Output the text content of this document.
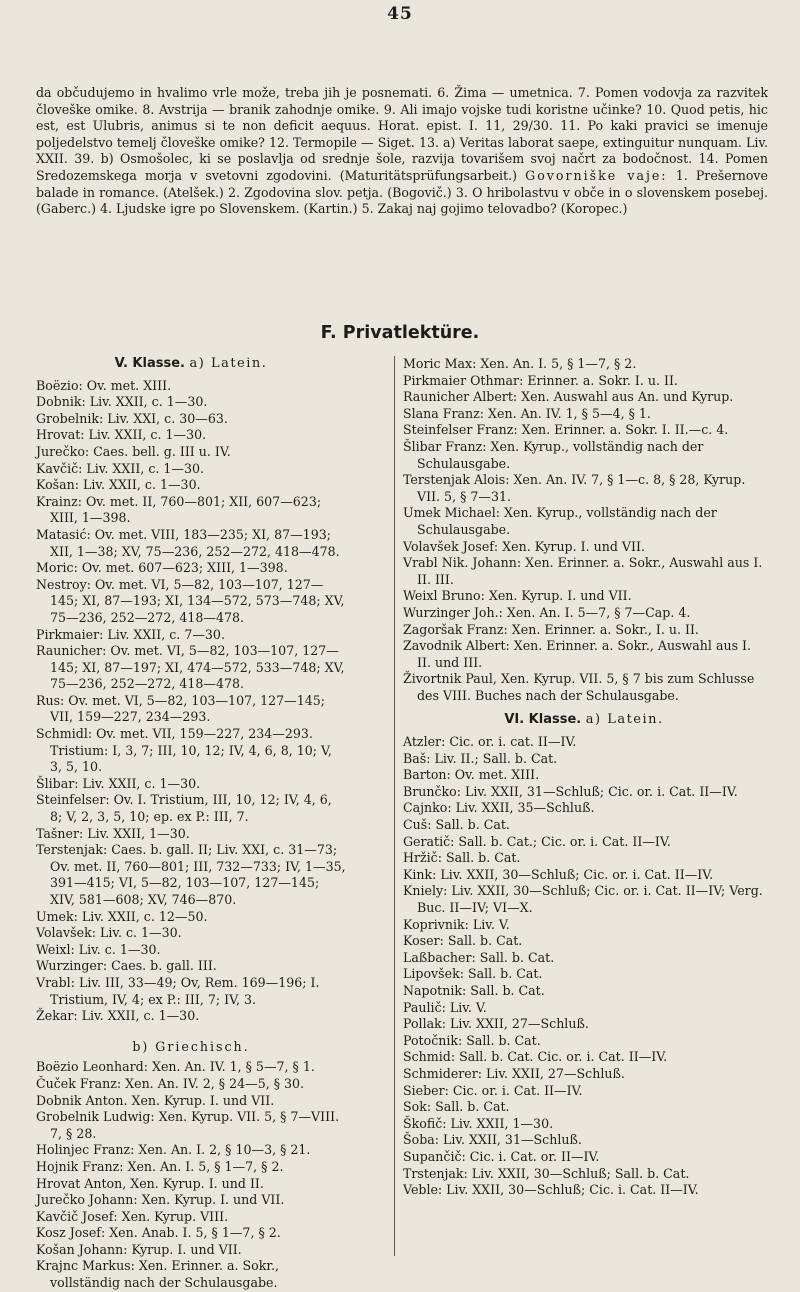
45

da občudujemo in hvalimo vrle može, treba jih je posnemati. 6. Žima — umetnica. 7. Pomen vodovja za razvitek človeške omike. 8. Avstrija — branik zahodnje omike. 9. Ali imajo vojske tudi koristne učinke? 10. Quod petis, hic est, est Ulubris, animus si te non deficit aequus. Horat. epist. I. 11, 29/30. 11. Po kaki pravici se imenuje poljedelstvo temelj človeške omike? 12. Termopile — Siget. 13. a) Veritas laborat saepe, extinguitur nunquam. Liv. XXII. 39. b) Osmošolec, ki se poslavlja od srednje šole, razvija tovarišem svoj načrt za bodočnost. 14. Pomen Sredozemskega morja v svetovni zgodovini. (Maturitätsprüfungsarbeit.) Govorniške vaje: 1. Prešernove balade in romance. (Atelšek.) 2. Zgodovina slov. petja. (Bogovič.) 3. O hribolastvu v obče in o slovenskem posebej. (Gaberc.) 4. Ljudske igre po Slovenskem. (Kartin.) 5. Zakaj naj gojimo telovadbo? (Koropec.)

F. Privatlektüre.
V. Klasse. a) Latein.

Boëzio: Ov. met. XIII.

Dobnik: Liv. XXII, c. 1—30.

Grobelnik: Liv. XXI, c. 30—63.

Hrovat: Liv. XXII, c. 1—30.

Jurečko: Caes. bell. g. III u. IV.

Kavčič: Liv. XXII, c. 1—30.

Košan: Liv. XXII, c. 1—30.

Krainz: Ov. met. II, 760—801; XII, 607—623; XIII, 1—398.

Matasić: Ov. met. VIII, 183—235; XI, 87—193; XII, 1—38; XV, 75—236, 252—272, 418—478.

Moric: Ov. met. 607—623; XIII, 1—398.

Nestroy: Ov. met. VI, 5—82, 103—107, 127—145; XI, 87—193; XI, 134—572, 573—748; XV, 75—236, 252—272, 418—478.

Pirkmaier: Liv. XXII, c. 7—30.

Raunicher: Ov. met. VI, 5—82, 103—107, 127—145; XI, 87—197; XI, 474—572, 533—748; XV, 75—236, 252—272, 418—478.

Rus: Ov. met. VI, 5—82, 103—107, 127—145; VII, 159—227, 234—293.

Schmidl: Ov. met. VII, 159—227, 234—293. Tristium: I, 3, 7; III, 10, 12; IV, 4, 6, 8, 10; V, 3, 5, 10.

Šlibar: Liv. XXII, c. 1—30.

Steinfelser: Ov. I. Tristium, III, 10, 12; IV, 4, 6, 8; V, 2, 3, 5, 10; ep. ex P.: III, 7.

Tašner: Liv. XXII, 1—30.

Terstenjak: Caes. b. gall. II; Liv. XXI, c. 31—73; Ov. met. II, 760—801; III, 732—733; IV, 1—35, 391—415; VI, 5—82, 103—107, 127—145; XIV, 581—608; XV, 746—870.

Umek: Liv. XXII, c. 12—50.

Volavšek: Liv. c. 1—30.

Weixl: Liv. c. 1—30.

Wurzinger: Caes. b. gall. III.

Vrabl: Liv. III, 33—49; Ov, Rem. 169—196; I. Tristium, IV, 4; ex P.: III, 7; IV, 3.

Žekar: Liv. XXII, c. 1—30.

b) Griechisch.

Boëzio Leonhard: Xen. An. IV. 1, § 5—7, § 1.

Čuček Franz: Xen. An. IV. 2, § 24—5, § 30.

Dobnik Anton. Xen. Kyrup. I. und VII.

Grobelnik Ludwig: Xen. Kyrup. VII. 5, § 7—VIII. 7, § 28.

Holinjec Franz: Xen. An. I. 2, § 10—3, § 21.

Hojnik Franz: Xen. An. I. 5, § 1—7, § 2.

Hrovat Anton, Xen. Kyrup. I. und II.

Jurečko Johann: Xen. Kyrup. I. und VII.

Kavčič Josef: Xen. Kyrup. VIII.

Kosz Josef: Xen. Anab. I. 5, § 1—7, § 2.

Košan Johann: Kyrup. I. und VII.

Krajnc Markus: Xen. Erinner. a. Sokr., vollständig nach der Schulausgabe.

Moric Max: Xen. An. I. 5, § 1—7, § 2.

Pirkmaier Othmar: Erinner. a. Sokr. I. u. II.

Raunicher Albert: Xen. Auswahl aus An. und Kyrup.

Slana Franz: Xen. An. IV. 1, § 5—4, § 1.

Steinfelser Franz: Xen. Erinner. a. Sokr. I. II.—c. 4.

Šlibar Franz: Xen. Kyrup., vollständig nach der Schulausgabe.

Terstenjak Alois: Xen. An. IV. 7, § 1—c. 8, § 28, Kyrup. VII. 5, § 7—31.

Umek Michael: Xen. Kyrup., vollständig nach der Schulausgabe.

Volavšek Josef: Xen. Kyrup. I. und VII.

Vrabl Nik. Johann: Xen. Erinner. a. Sokr., Auswahl aus I. II. III.

Weixl Bruno: Xen. Kyrup. I. und VII.

Wurzinger Joh.: Xen. An. I. 5—7, § 7—Cap. 4.

Zagoršak Franz: Xen. Erinner. a. Sokr., I. u. II.

Zavodnik Albert: Xen. Erinner. a. Sokr., Auswahl aus I. II. und III.

Živortnik Paul, Xen. Kyrup. VII. 5, § 7 bis zum Schlusse des VIII. Buches nach der Schulausgabe.

VI. Klasse. a) Latein.

Atzler: Cic. or. i. cat. II—IV.

Baš: Liv. II.; Sall. b. Cat.

Barton: Ov. met. XIII.

Brunčko: Liv. XXII, 31—Schluß; Cic. or. i. Cat. II—IV.

Cajnko: Liv. XXII, 35—Schluß.

Cuš: Sall. b. Cat.

Geratič: Sall. b. Cat.; Cic. or. i. Cat. II—IV.

Hržič: Sall. b. Cat.

Kink: Liv. XXII, 30—Schluß; Cic. or. i. Cat. II—IV.

Kniely: Liv. XXII, 30—Schluß; Cic. or. i. Cat. II—IV; Verg. Buc. II—IV; VI—X.

Koprivnik: Liv. V.

Koser: Sall. b. Cat.

Laßbacher: Sall. b. Cat.

Lipovšek: Sall. b. Cat.

Napotnik: Sall. b. Cat.

Paulič: Liv. V.

Pollak: Liv. XXII, 27—Schluß.

Potočnik: Sall. b. Cat.

Schmid: Sall. b. Cat. Cic. or. i. Cat. II—IV.

Schmiderer: Liv. XXII, 27—Schluß.

Sieber: Cic. or. i. Cat. II—IV.

Sok: Sall. b. Cat.

Škofič: Liv. XXII, 1—30.

Šoba: Liv. XXII, 31—Schluß.

Supančič: Cic. i. Cat. or. II—IV.

Trstenjak: Liv. XXII, 30—Schluß; Sall. b. Cat.

Veble: Liv. XXII, 30—Schluß; Cic. i. Cat. II—IV.
